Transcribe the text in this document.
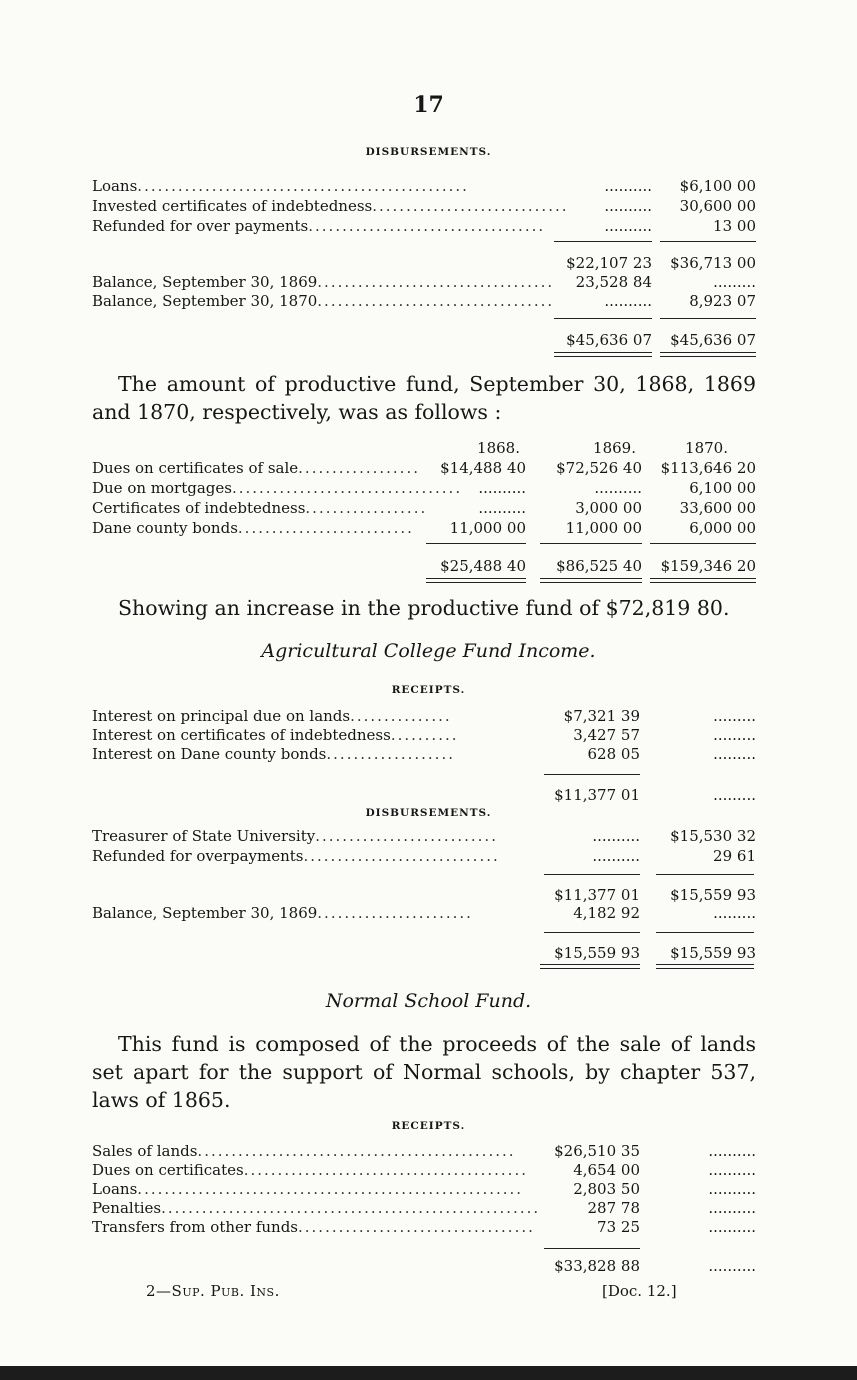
17
DISBURSEMENTS.
Loans.................................................	..........	$6,100 00
Invested certificates of indebtedness.............................	..........	30,600 00
Refunded for over payments...................................	..........	13 00
$22,107 23	$36,713 00
Balance, September 30, 1869...................................	23,528 84	.........
Balance, September 30, 1870...................................	..........	8,923 07
$45,636 07	$45,636 07
The amount of productive fund, September 30, 1868, 1869 and 1870, respectively, was as follows :
1868.	1869.	1870.
Dues on certificates of sale..................	$14,488 40	$72,526 40	$113,646 20
Due on mortgages..................................	..........	..........	6,100 00
Certificates of indebtedness..................	..........	3,000 00	33,600 00
Dane county bonds..........................	11,000 00	11,000 00	6,000 00
$25,488 40	$86,525 40	$159,346 20
Showing an increase in the productive fund of $72,819 80.
Agricultural College Fund Income.
RECEIPTS.
Interest on principal due on lands...............	$7,321 39	.........
Interest on certificates of indebtedness..........	3,427 57	.........
Interest on Dane county bonds...................	628 05	.........
$11,377 01	.........
DISBURSEMENTS.
Treasurer of State University...........................	..........	$15,530 32
Refunded for overpayments.............................	..........	29 61
$11,377 01	$15,559 93
Balance, September 30, 1869.......................	4,182 92	.........
$15,559 93	$15,559 93
Normal School Fund.
This fund is composed of the proceeds of the sale of lands set apart for the support of Normal schools, by chapter 537, laws of 1865.
RECEIPTS.
Sales of lands...............................................	$26,510 35	..........
Dues on certificates..........................................	4,654 00	..........
Loans.........................................................	2,803 50	..........
Penalties........................................................	287 78	..........
Transfers from other funds...................................	73 25	..........
$33,828 88	..........
2—Sup. Pub. Ins.	[Doc. 12.]
